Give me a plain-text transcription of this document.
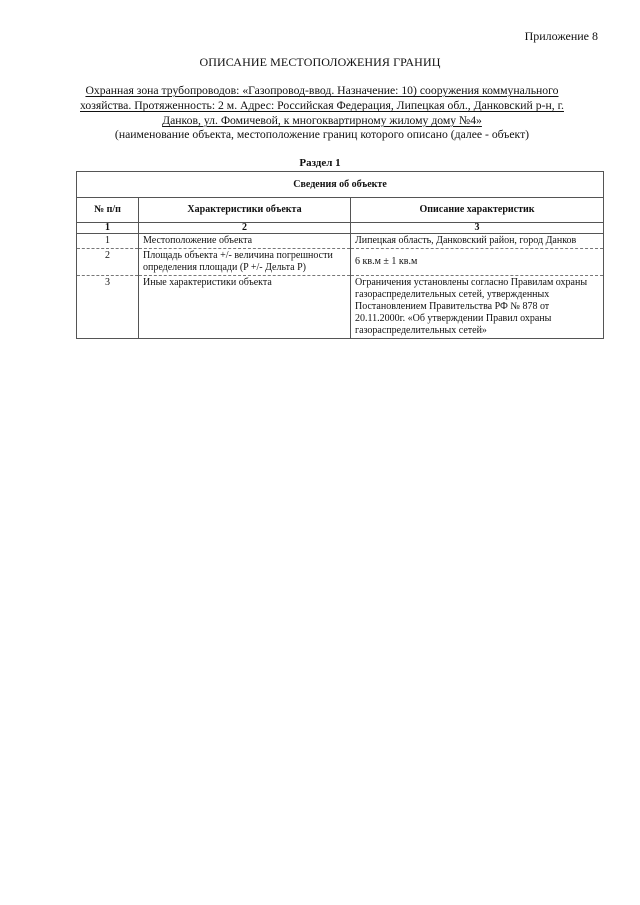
Приложение 8
ОПИСАНИЕ МЕСТОПОЛОЖЕНИЯ ГРАНИЦ
Охранная зона трубопроводов: «Газопровод-ввод. Назначение: 10) сооружения коммунального хозяйства. Протяженность: 2 м. Адрес: Российская Федерация, Липецкая обл., Данковский р-н, г. Данков, ул. Фомичевой, к многоквартирному жилому дому №4»
(наименование объекта, местоположение границ которого описано (далее - объект)
Раздел 1
Сведения об объекте		
№ п/п	Характеристики объекта	Описание характеристик
1	2	3
1	Местоположение объекта	Липецкая область, Данковский район, город Данков
2	Площадь объекта +/- величина погрешности определения площади (P +/- Дельта P)	6 кв.м ± 1 кв.м
3	Иные характеристики объекта	Ограничения установлены согласно Правилам охраны газораспределительных сетей, утвержденных Постановлением Правительства РФ № 878 от 20.11.2000г. «Об утверждении Правил охраны газораспределительных сетей»
